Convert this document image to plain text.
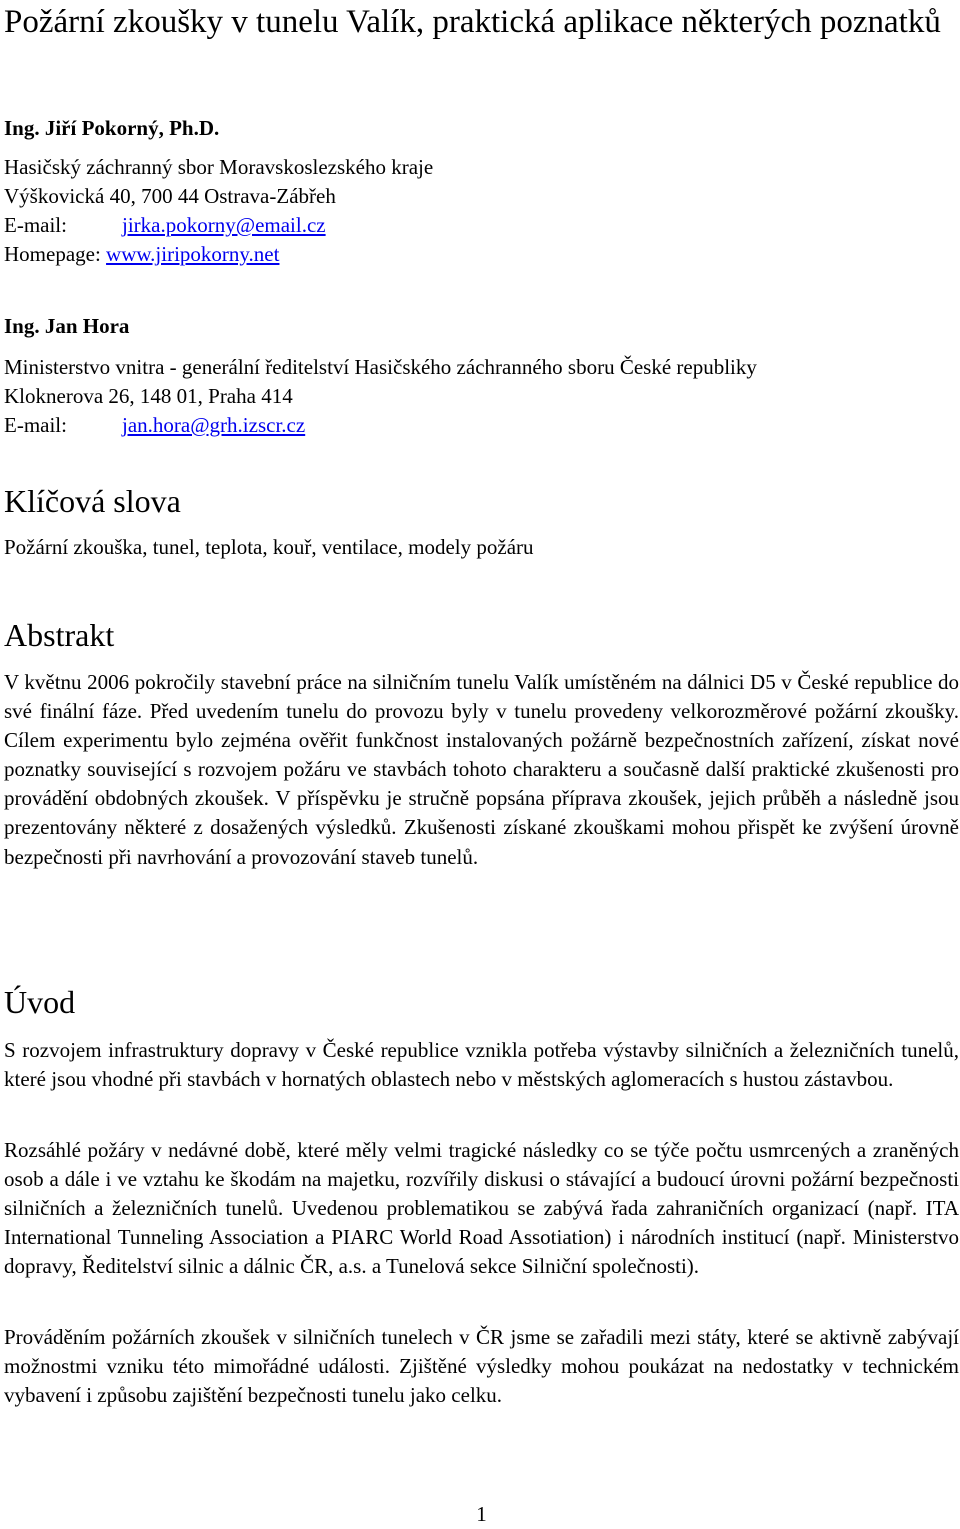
Požární zkoušky v tunelu Valík, praktická aplikace některých poznatků

Ing. Jiří Pokorný, Ph.D.

Hasičský záchranný sbor Moravskoslezského kraje
Výškovická 40, 700 44 Ostrava-Zábřeh
E-mail:	jirka.pokorny@email.cz
Homepage: www.jiripokorny.net

Ing. Jan Hora

Ministerstvo vnitra - generální ředitelství Hasičského záchranného sboru České republiky
Kloknerova 26, 148 01, Praha 414
E-mail:	jan.hora@grh.izscr.cz
Klíčová slova

Požární zkouška, tunel, teplota, kouř, ventilace, modely požáru

Abstrakt

V květnu 2006 pokročily stavební práce na silničním tunelu Valík umístěném na dálnici D5 v České republice do své finální fáze. Před uvedením tunelu do provozu byly v tunelu provedeny velkorozměrové požární zkoušky. Cílem experimentu bylo zejména ověřit funkčnost instalovaných požárně bezpečnostních zařízení, získat nové poznatky související s rozvojem požáru ve stavbách tohoto charakteru a současně další praktické zkušenosti pro provádění obdobných zkoušek. V příspěvku je stručně popsána příprava zkoušek, jejich průběh a následně jsou prezentovány některé z dosažených výsledků. Zkušenosti získané zkouškami mohou přispět ke zvýšení úrovně bezpečnosti při navrhování a provozování staveb tunelů.

Úvod

S rozvojem infrastruktury dopravy v České republice vznikla potřeba výstavby silničních a železničních tunelů, které jsou vhodné při stavbách v hornatých oblastech nebo v městských aglomeracích s hustou zástavbou.

Rozsáhlé požáry v nedávné době, které měly velmi tragické následky co se týče počtu usmrcených a zraněných osob a dále i ve vztahu ke škodám na majetku, rozvířily diskusi o stávající a budoucí úrovni požární bezpečnosti silničních a železničních tunelů. Uvedenou problematikou se zabývá řada zahraničních organizací (např. ITA International Tunneling Association a PIARC World Road Assotiation) i národních institucí (např. Ministerstvo dopravy, Ředitelství silnic a dálnic ČR, a.s. a Tunelová sekce Silniční společnosti).

Prováděním požárních zkoušek v silničních tunelech v ČR jsme se zařadili mezi státy, které se aktivně zabývají možnostmi vzniku této mimořádné události. Zjištěné výsledky mohou poukázat na nedostatky v technickém vybavení i způsobu zajištění bezpečnosti tunelu jako celku.

1
